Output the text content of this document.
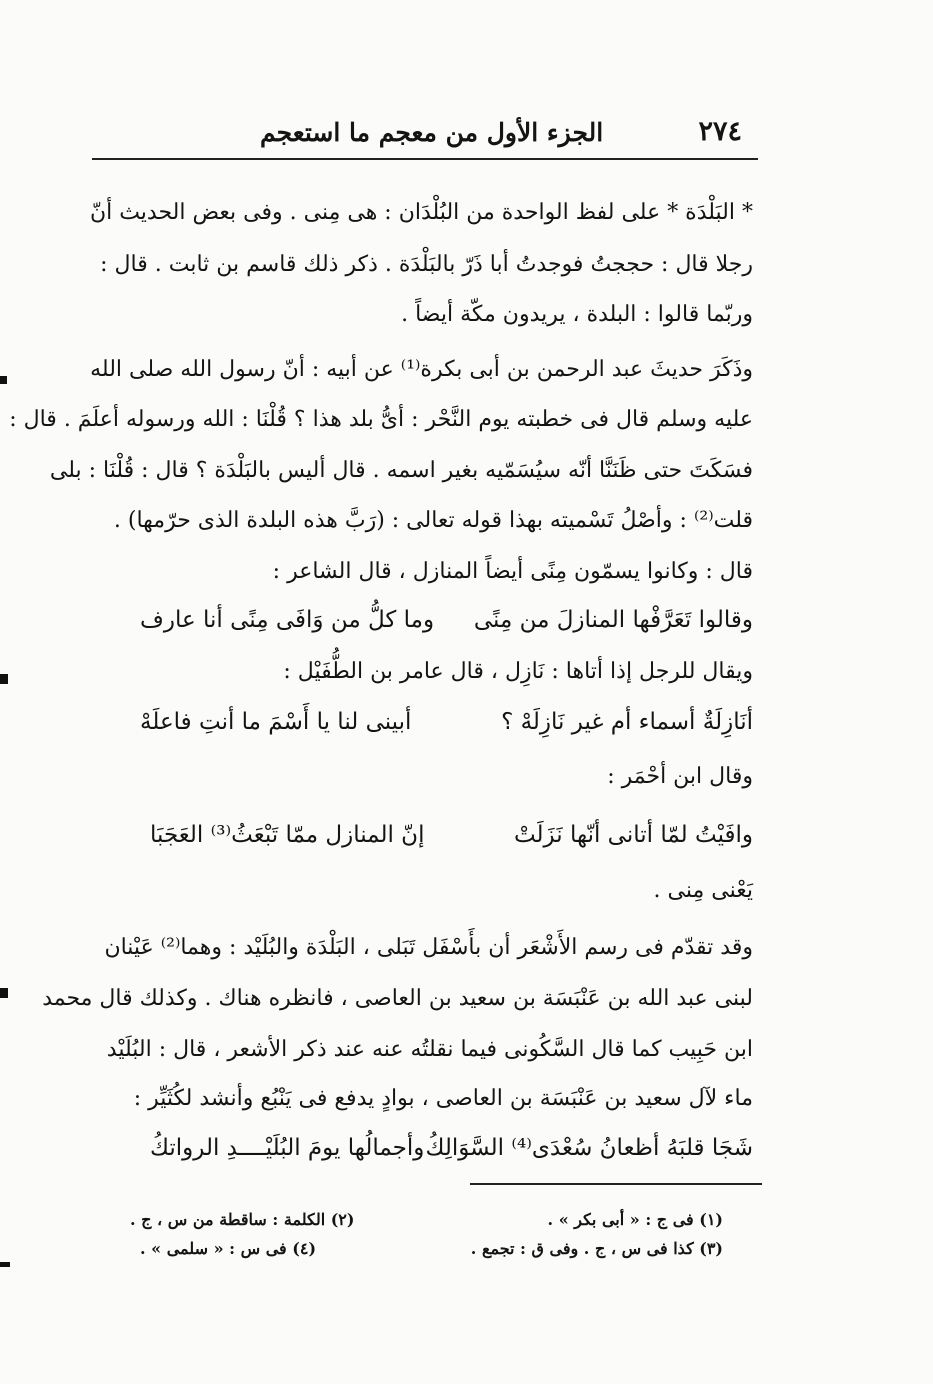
الجزء الأول من معجم ما استعجم	٢٧٤
* البَلْدَة * على لفظ الواحدة من البُلْدَان : هى مِنى . وفى بعض الحديث أنّ
رجلا قال : حججتُ فوجدتُ أبا ذَرّ بالبَلْدَة . ذكر ذلك قاسم بن ثابت . قال :
وربّما قالوا : البلدة ، يريدون مكّة أيضاً .
وذَكَرَ حديثَ عبد الرحمن بن أبى بكرة⁽¹⁾ عن أبيه : أنّ رسول الله صلى الله
عليه وسلم قال فى خطبته يوم النَّحْر : أىُّ بلد هذا ؟ قُلْنَا : الله ورسوله أعلَمَ . قال :
فسَكَتَ حتى ظَنَنَّا أنّه سيُسَمّيه بغير اسمه . قال أليس بالبَلْدَة ؟ قال : قُلْنَا : بلى
قلت⁽²⁾ : وأصْلُ تَسْميته بهذا قوله تعالى : (رَبَّ هذه البلدة الذى حرّمها) .
قال : وكانوا يسمّون مِنًى أيضاً المنازل ، قال الشاعر :
وقالوا تَعَرَّفْها المنازلَ من مِنًى
وما كلُّ من وَافَى مِنًى أنا عارف
ويقال للرجل إذا أتاها : نَازِل ، قال عامر بن الطُّفَيْل :
أنَازِلَةٌ أسماء أم غير نَازِلَهْ ؟
أبينى لنا يا أَسْمَ ما أنتِ فاعلَهْ
وقال ابن أحْمَر :
وافَيْتُ لمّا أتانى أنّها نَزَلَتْ
إنّ المنازل ممّا تَبْعَثُ⁽³⁾ العَجَبَا
يَعْنى مِنى .
وقد تقدّم فى رسم الأَشْعَر أن بأَسْفَل تَبَلى ، البَلْدَة والبُلَيْد : وهما⁽²⁾ عَيْنان
لبنى عبد الله بن عَنْبَسَة بن سعيد بن العاصى ، فانظره هناك . وكذلك قال محمد
ابن حَبِيب كما قال السَّكُونى فيما نقلتُه عنه عند ذكر الأشعر ، قال : البُلَيْد
ماء لآل سعيد بن عَنْبَسَة بن العاصى ، بوادٍ يدفع فى يَنْبُع وأنشد لكُثَيِّر :
شَجَا قلبَهُ أظعانُ سُعْدَى⁽⁴⁾ السَّوَالِكُ
وأجمالُها يومَ البُلَيْــــدِ الرواتكُ
(١) فى ج : « أبى بكر » .
(٢) الكلمة : ساقطة من س ، ج .
(٣) كذا فى س ، ج . وفى ق : تجمع .
(٤) فى س : « سلمى » .
